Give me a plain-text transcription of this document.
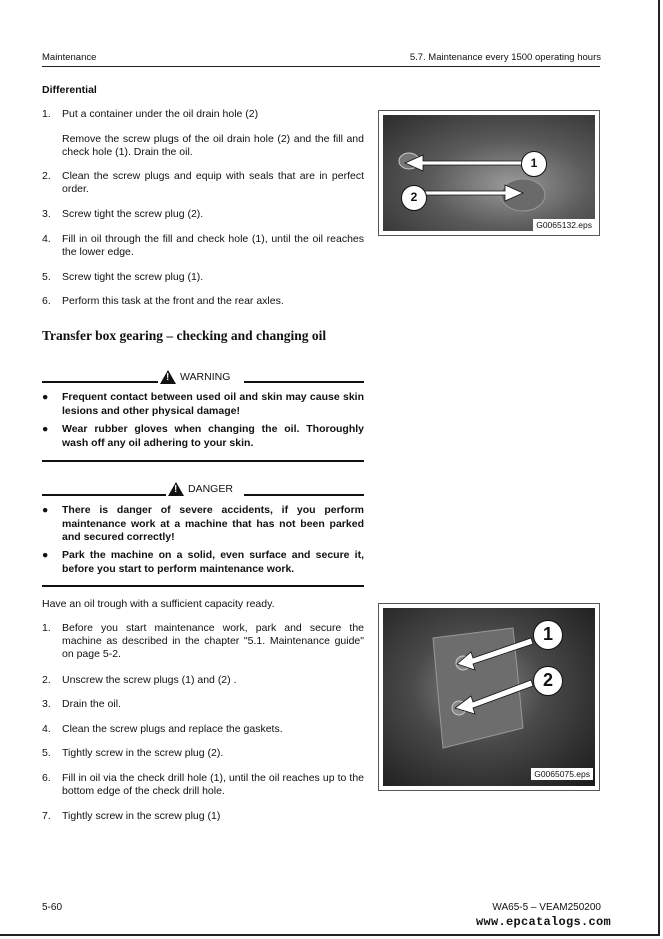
Maintenance	5.7. Maintenance every 1500 operating hours
Differential
1. Put a container under the oil drain hole (2)
Remove the screw plugs of the oil drain hole (2) and the fill and check hole (1). Drain the oil.
2. Clean the screw plugs and equip with seals that are in perfect order.
3. Screw tight the screw plug (2).
4. Fill in oil through the fill and check hole (1), until the oil reaches the lower edge.
5. Screw tight the screw plug (1).
6. Perform this task at the front and the rear axles.
1
2
G0065132.eps
Transfer box gearing – checking and changing oil
!
WARNING
● Frequent contact between used oil and skin may cause skin lesions and other physical damage!
● Wear rubber gloves when changing the oil. Thoroughly wash off any oil adhering to your skin.
!
DANGER
● There is danger of severe accidents, if you perform maintenance work at a machine that has not been parked and secured correctly!
● Park the machine on a solid, even surface and secure it, before you start to perform maintenance work.
Have an oil trough with a sufficient capacity ready.
1. Before you start maintenance work, park and secure the machine as described in the chapter "5.1. Maintenance guide" on page 5-2.
2. Unscrew the screw plugs (1) and (2) .
3. Drain the oil.
4. Clean the screw plugs and replace the gaskets.
5. Tightly screw in the screw plug (2).
6. Fill in oil via the check drill hole (1), until the oil reaches up to the bottom edge of the check drill hole.
7. Tightly screw in the screw plug (1)
1
2
G0065075.eps
5-60	WA65-5 – VEAM250200
www.epcatalogs.com
